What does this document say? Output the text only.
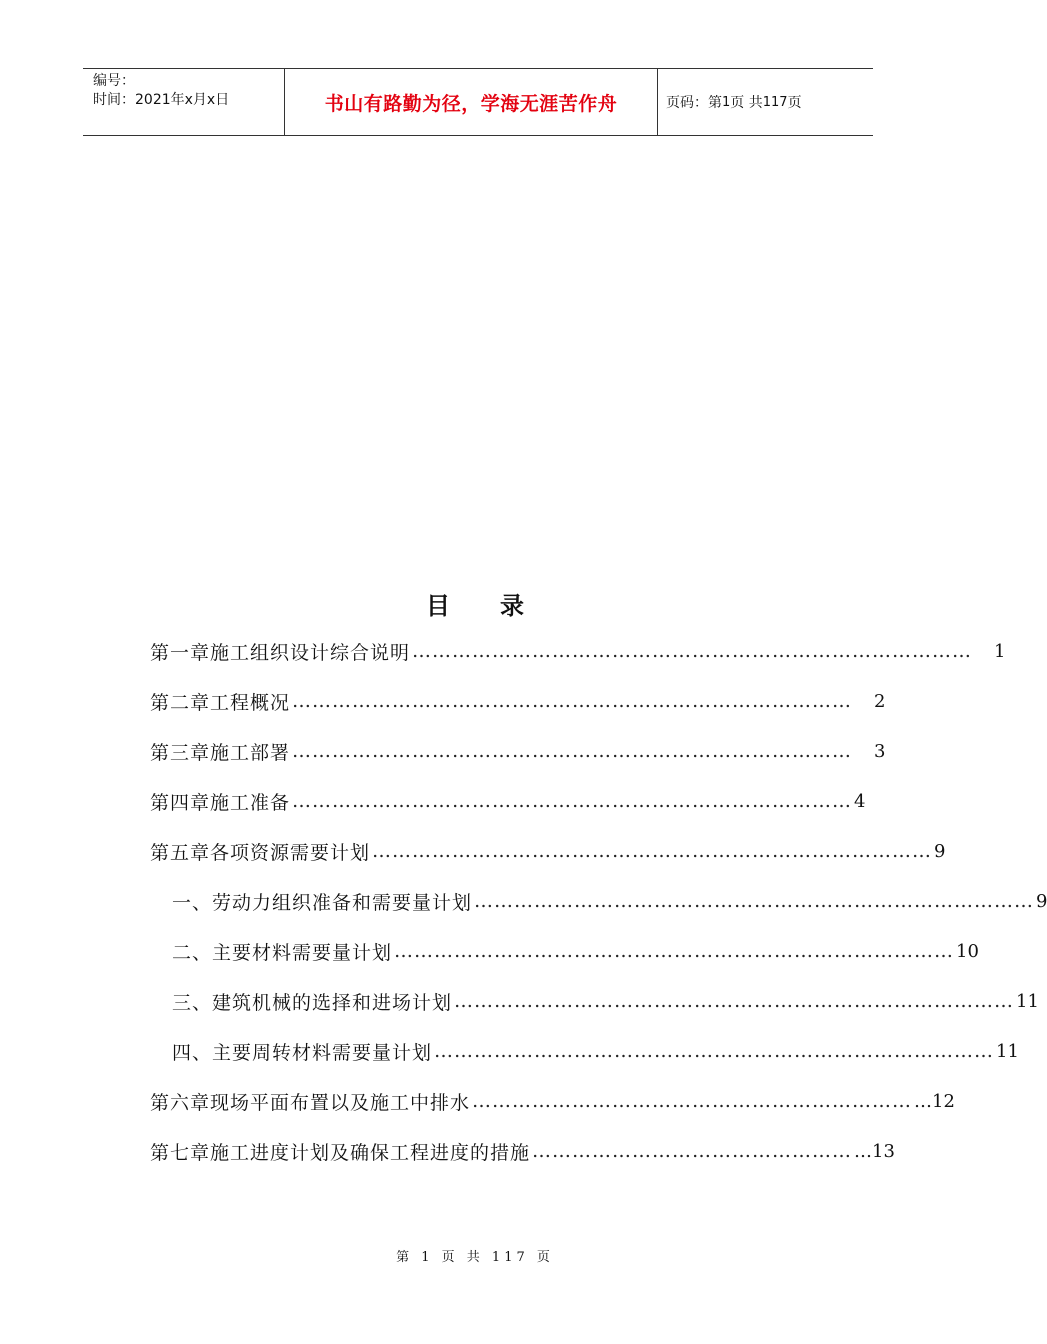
编号：
时间：2021年x月x日	书山有路勤为径，学海无涯苦作舟	页码：第 1 页 共 117 页
目录
第一章施工组织设计综合说明 ………………………………………………………………………… 1
第二章工程概况 ………………………………………………………………………… 2
第三章施工部署 ………………………………………………………………………… 3
第四章施工准备 ………………………………………………………………………… 4
第五章各项资源需要计划 ………………………………………………………………………… 9
一、劳动力组织准备和需要量计划 ………………………………………………………………………… 9
二、主要材料需要量计划 ………………………………………………………………………… 10
三、建筑机械的选择和进场计划 ………………………………………………………………………… 11
四、主要周转材料需要量计划 ………………………………………………………………………… 11
第六章现场平面布置以及施工中排水 ………………………………………………………… …12
第七章施工进度计划及确保工程进度的措施 ………………………………………… …13
第 1 页 共 117 页
